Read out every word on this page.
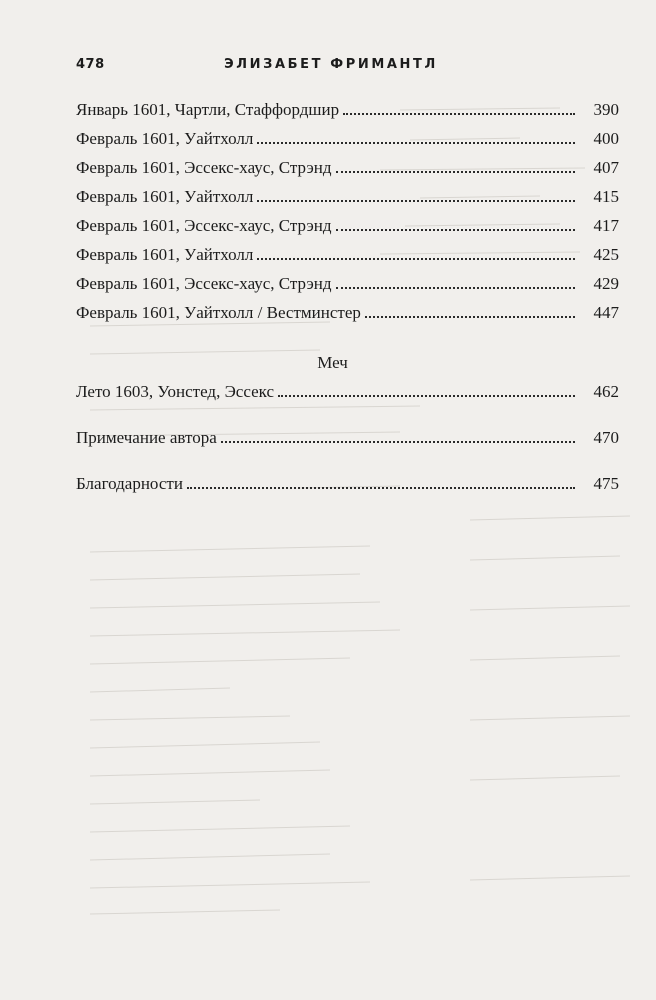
478	ЭЛИЗАБЕТ ФРИМАНТЛ
Январь 1601, Чартли, Стаффордшир	390
Февраль 1601, Уайтхолл	400
Февраль 1601, Эссекс-хаус, Стрэнд	407
Февраль 1601, Уайтхолл	415
Февраль 1601, Эссекс-хаус, Стрэнд	417
Февраль 1601, Уайтхолл	425
Февраль 1601, Эссекс-хаус, Стрэнд	429
Февраль 1601, Уайтхолл / Вестминстер	447
Меч
Лето 1603, Уонстед, Эссекс	462
Примечание автора	470
Благодарности	475
